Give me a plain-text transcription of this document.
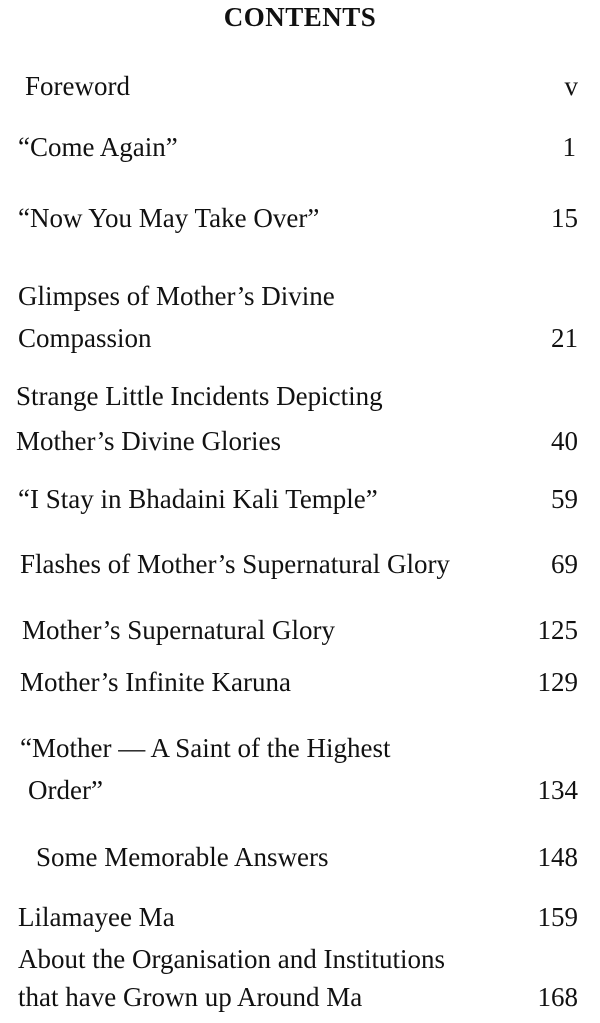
CONTENTS
Foreword	v
“Come Again”	1
“Now You May Take Over”	15
Glimpses of Mother’s Divine
Compassion	21
Strange Little Incidents Depicting
Mother’s Divine Glories	40
“I Stay in Bhadaini Kali Temple”	59
Flashes of Mother’s Supernatural Glory	69
Mother’s Supernatural Glory	125
Mother’s Infinite Karuna	129
“Mother — A Saint of the Highest
Order”	134
Some Memorable Answers	148
Lilamayee Ma	159
About the Organisation and Institutions
that have Grown up Around Ma	168
